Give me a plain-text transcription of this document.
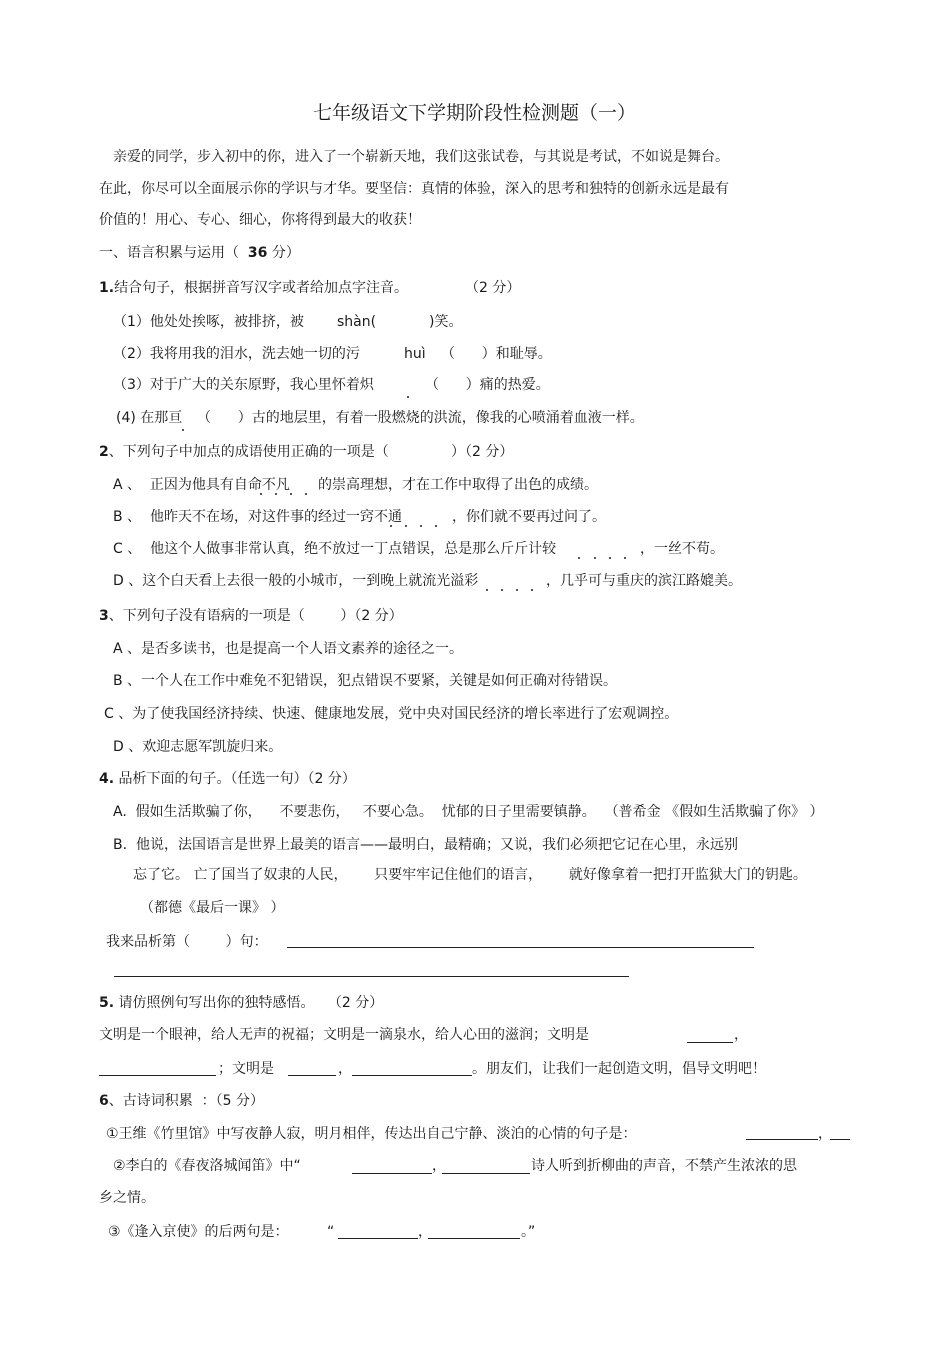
七年级语文下学期阶段性检测题（一）
亲爱的同学，步入初中的你，进入了一个崭新天地，我们这张试卷，与其说是考试，不如说是舞台。
在此，你尽可以全面展示你的学识与才华。要坚信：真情的体验，深入的思考和独特的创新永远是最有
价值的！用心、专心、细心，你将得到最大的收获！
一、语言积累与运用（ 36 分）
1.结合句子，根据拼音写汉字或者给加点字注音。	（2 分）
（1）他处处挨啄，被排挤，被 shàn(	)笑。
（2）我将用我的泪水，洗去她一切的污	huì （      ）和耻辱。
（3）对于广大的关东原野，我心里怀着炽	（      ）痛的热爱。
(4) 在那亘 （      ）古的地层里，有着一股燃烧的洪流，像我的心喷涌着血液一样。
2、下列句子中加点的成语使用正确的一项是（	）（2 分）
A 、  正因为他具有自命不凡 的崇高理想，才在工作中取得了出色的成绩。
B 、  他昨天不在场，对这件事的经过一窍不通	，你们就不要再过问了。
C 、  他这个人做事非常认真，绝不放过一丁点错误，总是那么斤斤计较	，一丝不苟。
D 、这个白天看上去很一般的小城市，一到晚上就流光溢彩	，几乎可与重庆的滨江路媲美。
3、下列句子没有语病的一项是（        ）（2 分）
A 、是否多读书，也是提高一个人语文素养的途径之一。
B 、一个人在工作中难免不犯错误，犯点错误不要紧，关键是如何正确对待错误。
C 、为了使我国经济持续、快速、健康地发展，党中央对国民经济的增长率进行了宏观调控。
D 、欢迎志愿军凯旋归来。
4. 品析下面的句子。（任选一句）（2 分）
A.  假如生活欺骗了你，    不要悲伤，   不要心急。  忧郁的日子里需要镇静。  （普希金 《假如生活欺骗了你》 ）
B.  他说，法国语言是世界上最美的语言——最明白，最精确；又说，我们必须把它记在心里，永远别
忘了它。 亡了国当了奴隶的人民，      只要牢牢记住他们的语言，      就好像拿着一把打开监狱大门的钥匙。
（都德《最后一课》 ）
我来品析第（        ）句：
5. 请仿照例句写出你的独特感悟。   （2 分）
文明是一个眼神，给人无声的祝福；文明是一滴泉水，给人心田的滋润；文明是	，
；文明是	，	。朋友们，让我们一起创造文明，倡导文明吧！
6、古诗词积累  ：（5 分）
①王维《竹里馆》中写夜静人寂，明月相伴，传达出自己宁静、淡泊的心情的句子是：	，
②李白的《春夜洛城闻笛》中“	，	诗人听到折柳曲的声音，不禁产生浓浓的思
乡之情。
③《逢入京使》的后两句是：	“	，	。”
